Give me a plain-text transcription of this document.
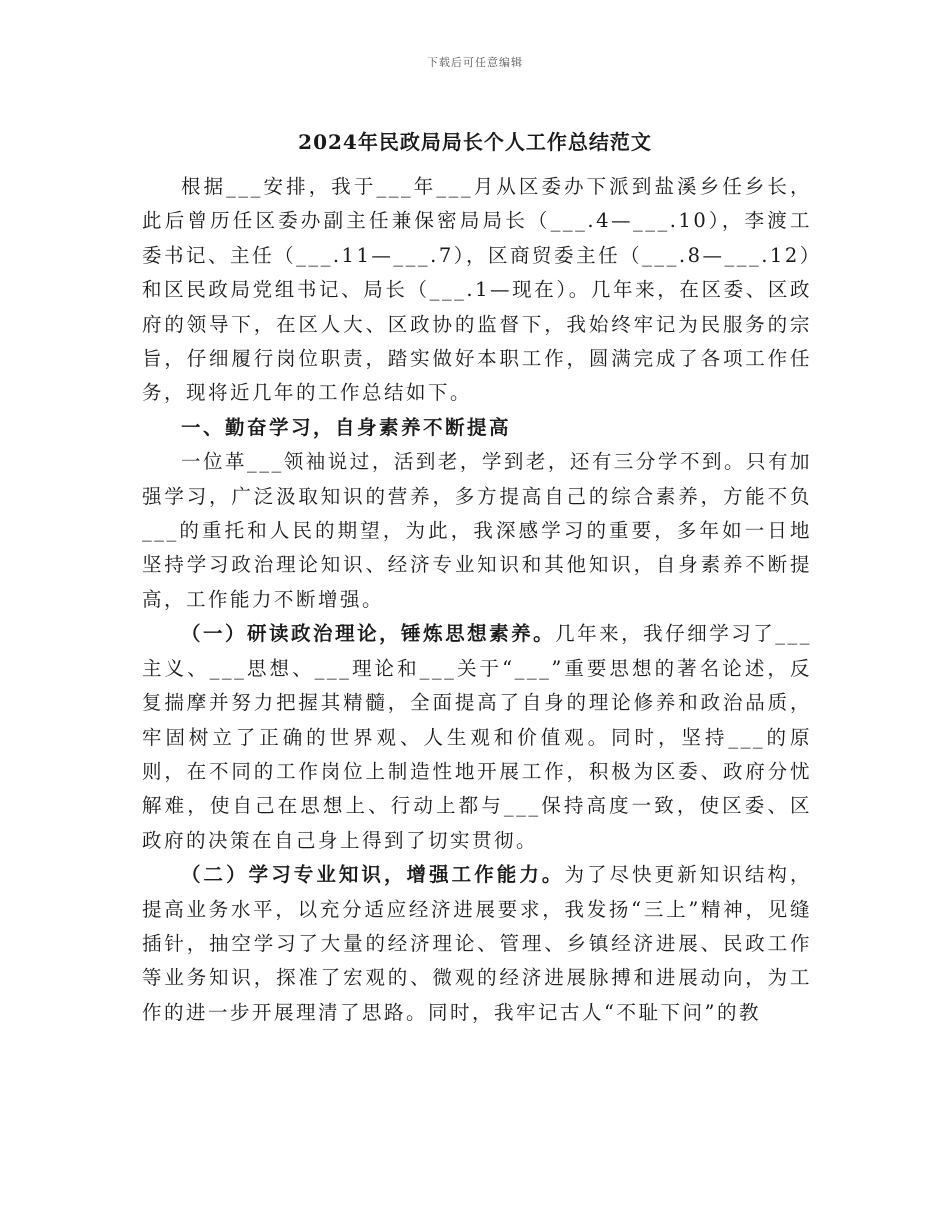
下载后可任意编辑
2024年民政局局长个人工作总结范文

根据___安排，我于___年___月从区委办下派到盐溪乡任乡长，此后曾历任区委办副主任兼保密局局长（___.4—___.10），李渡工委书记、主任（___.11—___.7），区商贸委主任（___.8—___.12）和区民政局党组书记、局长（___.1—现在）。几年来，在区委、区政府的领导下，在区人大、区政协的监督下，我始终牢记为民服务的宗旨，仔细履行岗位职责，踏实做好本职工作，圆满完成了各项工作任务，现将近几年的工作总结如下。

一、勤奋学习，自身素养不断提高

一位革___领袖说过，活到老，学到老，还有三分学不到。只有加强学习，广泛汲取知识的营养，多方提高自己的综合素养，方能不负___的重托和人民的期望，为此，我深感学习的重要，多年如一日地坚持学习政治理论知识、经济专业知识和其他知识，自身素养不断提高，工作能力不断增强。

（一）研读政治理论，锤炼思想素养。几年来，我仔细学习了___主义、___思想、___理论和___关于“___”重要思想的著名论述，反复揣摩并努力把握其精髓，全面提高了自身的理论修养和政治品质，牢固树立了正确的世界观、人生观和价值观。同时，坚持___的原则，在不同的工作岗位上制造性地开展工作，积极为区委、政府分忧解难，使自己在思想上、行动上都与___保持高度一致，使区委、区政府的决策在自己身上得到了切实贯彻。

（二）学习专业知识，增强工作能力。为了尽快更新知识结构，提高业务水平，以充分适应经济进展要求，我发扬“三上”精神，见缝插针，抽空学习了大量的经济理论、管理、乡镇经济进展、民政工作等业务知识，探准了宏观的、微观的经济进展脉搏和进展动向，为工作的进一步开展理清了思路。同时，我牢记古人“不耻下问”的教
